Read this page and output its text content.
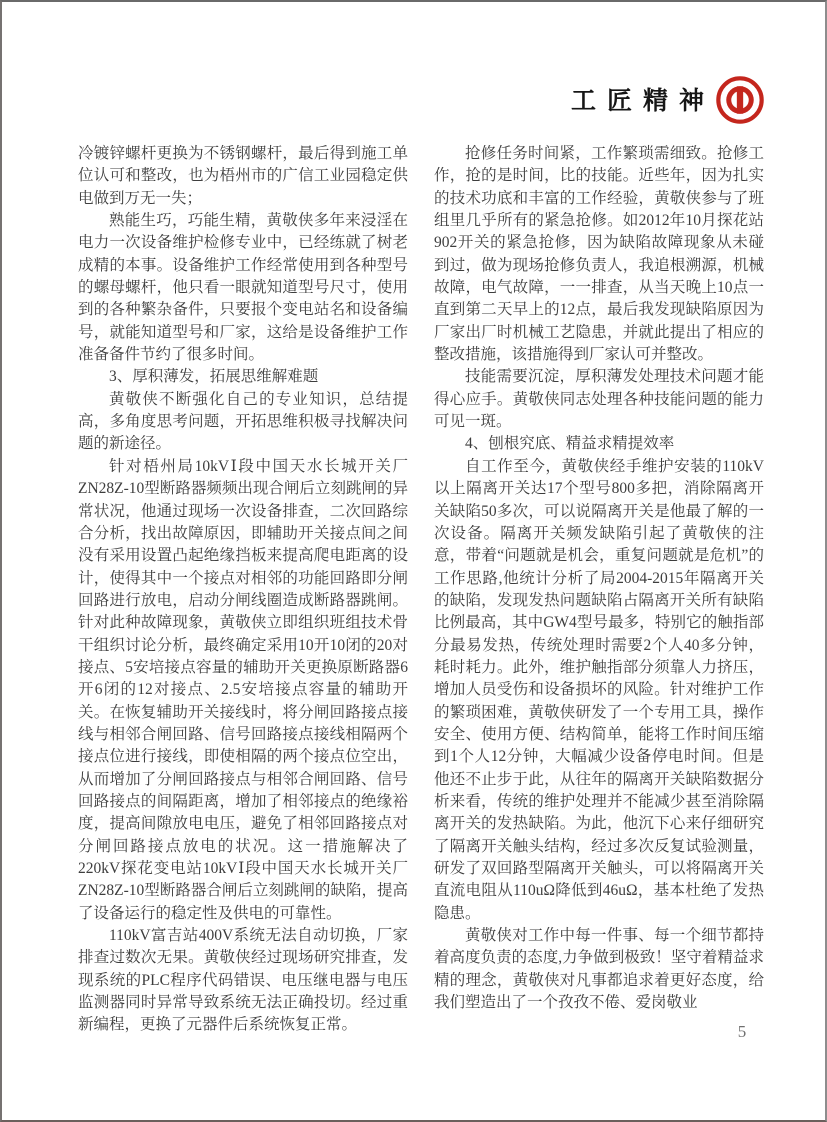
工匠精神

冷镀锌螺杆更换为不锈钢螺杆，最后得到施工单位认可和整改，也为梧州市的广信工业园稳定供电做到万无一失；

熟能生巧，巧能生精，黄敬侠多年来浸淫在电力一次设备维护检修专业中，已经练就了树老成精的本事。设备维护工作经常使用到各种型号的螺母螺杆，他只看一眼就知道型号尺寸，使用到的各种繁杂备件，只要报个变电站名和设备编号，就能知道型号和厂家，这给是设备维护工作准备备件节约了很多时间。

3、厚积薄发，拓展思维解难题

黄敬侠不断强化自己的专业知识，总结提高，多角度思考问题，开拓思维积极寻找解决问题的新途径。

针对梧州局10kVⅠ段中国天水长城开关厂ZN28Z-10型断路器频频出现合闸后立刻跳闸的异常状况，他通过现场一次设备排查，二次回路综合分析，找出故障原因，即辅助开关接点间之间没有采用设置凸起绝缘挡板来提高爬电距离的设计，使得其中一个接点对相邻的功能回路即分闸回路进行放电，启动分闸线圈造成断路器跳闸。针对此种故障现象，黄敬侠立即组织班组技术骨干组织讨论分析，最终确定采用10开10闭的20对接点、5安培接点容量的辅助开关更换原断路器6开6闭的12对接点、2.5安培接点容量的辅助开关。在恢复辅助开关接线时，将分闸回路接点接线与相邻合闸回路、信号回路接点接线相隔两个接点位进行接线，即使相隔的两个接点位空出，从而增加了分闸回路接点与相邻合闸回路、信号回路接点的间隔距离，增加了相邻接点的绝缘裕度，提高间隙放电电压，避免了相邻回路接点对分闸回路接点放电的状况。这一措施解决了220kV探花变电站10kVⅠ段中国天水长城开关厂ZN28Z-10型断路器合闸后立刻跳闸的缺陷，提高了设备运行的稳定性及供电的可靠性。

110kV富吉站400V系统无法自动切换，厂家排查过数次无果。黄敬侠经过现场研究排查，发现系统的PLC程序代码错误、电压继电器与电压监测器同时异常导致系统无法正确投切。经过重新编程，更换了元器件后系统恢复正常。

抢修任务时间紧，工作繁琐需细致。抢修工作，抢的是时间，比的技能。近些年，因为扎实的技术功底和丰富的工作经验，黄敬侠参与了班组里几乎所有的紧急抢修。如2012年10月探花站902开关的紧急抢修，因为缺陷故障现象从未碰到过，做为现场抢修负责人，我追根溯源，机械故障，电气故障，一一排查，从当天晚上10点一直到第二天早上的12点，最后我发现缺陷原因为厂家出厂时机械工艺隐患，并就此提出了相应的整改措施，该措施得到厂家认可并整改。

技能需要沉淀，厚积薄发处理技术问题才能得心应手。黄敬侠同志处理各种技能问题的能力可见一斑。

4、刨根究底、精益求精提效率

自工作至今，黄敬侠经手维护安装的110kV以上隔离开关达17个型号800多把，消除隔离开关缺陷50多次，可以说隔离开关是他最了解的一次设备。隔离开关频发缺陷引起了黄敬侠的注意，带着“问题就是机会，重复问题就是危机”的工作思路,他统计分析了局2004-2015年隔离开关的缺陷，发现发热问题缺陷占隔离开关所有缺陷比例最高，其中GW4型号最多，特别它的触指部分最易发热，传统处理时需要2个人40多分钟，耗时耗力。此外，维护触指部分须靠人力挤压，增加人员受伤和设备损坏的风险。针对维护工作的繁琐困难，黄敬侠研发了一个专用工具，操作安全、使用方便、结构简单，能将工作时间压缩到1个人12分钟，大幅减少设备停电时间。但是他还不止步于此，从往年的隔离开关缺陷数据分析来看，传统的维护处理并不能减少甚至消除隔离开关的发热缺陷。为此，他沉下心来仔细研究了隔离开关触头结构，经过多次反复试验测量，研发了双回路型隔离开关触头，可以将隔离开关直流电阻从110uΩ降低到46uΩ，基本杜绝了发热隐患。

黄敬侠对工作中每一件事、每一个细节都持着高度负责的态度,力争做到极致！坚守着精益求精的理念，黄敬侠对凡事都追求着更好态度，给我们塑造出了一个孜孜不倦、爱岗敬业

5
